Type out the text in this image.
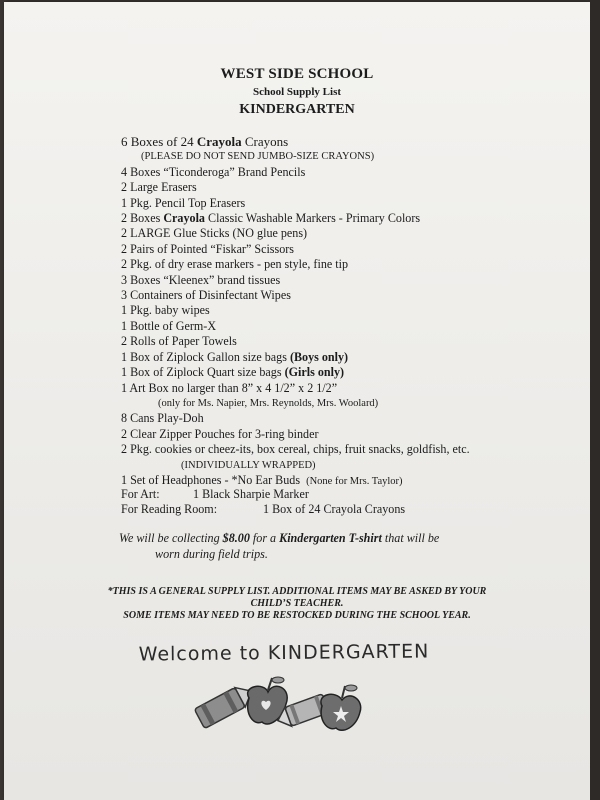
WEST SIDE SCHOOL
School Supply List
KINDERGARTEN
6 Boxes of 24 Crayola Crayons
(PLEASE DO NOT SEND JUMBO-SIZE CRAYONS)
4 Boxes “Ticonderoga” Brand Pencils
2 Large Erasers
1 Pkg. Pencil Top Erasers
2 Boxes Crayola Classic Washable Markers - Primary Colors
2 LARGE Glue Sticks (NO glue pens)
2 Pairs of Pointed “Fiskar” Scissors
2 Pkg. of dry erase markers - pen style, fine tip
3 Boxes “Kleenex” brand tissues
3 Containers of Disinfectant Wipes
1 Pkg. baby wipes
1 Bottle of Germ-X
2 Rolls of Paper Towels
1 Box of Ziplock Gallon size bags (Boys only)
1 Box of Ziplock Quart size bags (Girls only)
1 Art Box no larger than 8” x 4 1/2” x 2 1/2”
(only for Ms. Napier, Mrs. Reynolds, Mrs. Woolard)
8 Cans Play-Doh
2 Clear Zipper Pouches for 3-ring binder
2 Pkg. cookies or cheez-its, box cereal, chips, fruit snacks, goldfish, etc.
(INDIVIDUALLY WRAPPED)
1 Set of Headphones - *No Ear Buds (None for Mrs. Taylor)
For Art:	1 Black Sharpie Marker
For Reading Room:	1 Box of 24 Crayola Crayons
We will be collecting $8.00 for a Kindergarten T-shirt that will be
worn during field trips.
*THIS IS A GENERAL SUPPLY LIST. ADDITIONAL ITEMS MAY BE ASKED BY YOUR
CHILD’S TEACHER.
SOME ITEMS MAY NEED TO BE RESTOCKED DURING THE SCHOOL YEAR.
Welcome to KINDERGARTEN
